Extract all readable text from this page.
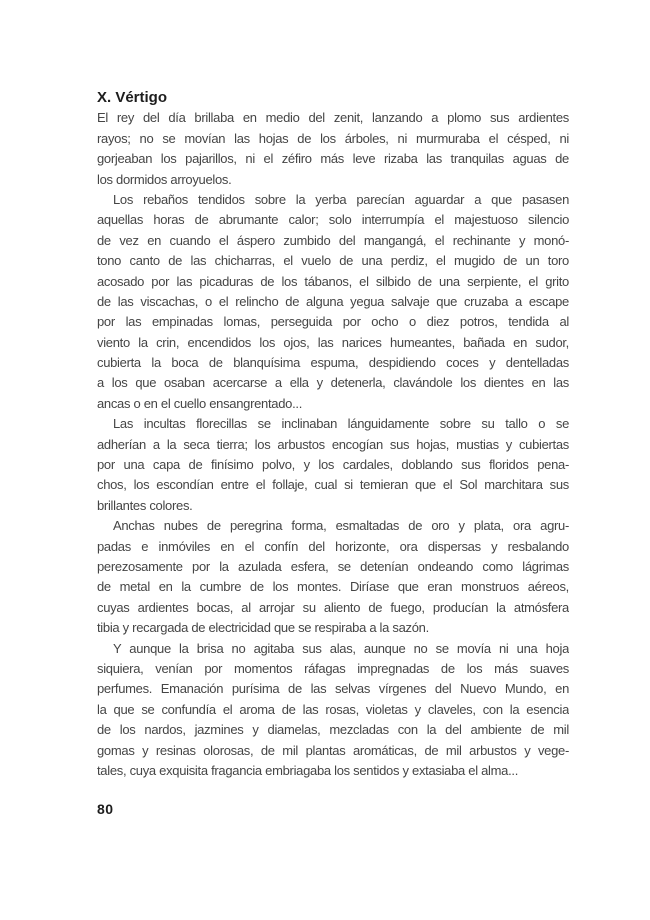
X. Vértigo
El rey del día brillaba en medio del zenit, lanzando a plomo sus ardientes
rayos; no se movían las hojas de los árboles, ni murmuraba el césped, ni
gorjeaban los pajarillos, ni el zéfiro más leve rizaba las tranquilas aguas de
los dormidos arroyuelos.
Los rebaños tendidos sobre la yerba parecían aguardar a que pasasen
aquellas horas de abrumante calor; solo interrumpía el majestuoso silencio
de vez en cuando el áspero zumbido del mangangá, el rechinante y monó-
tono canto de las chicharras, el vuelo de una perdiz, el mugido de un toro
acosado por las picaduras de los tábanos, el silbido de una serpiente, el grito
de las viscachas, o el relincho de alguna yegua salvaje que cruzaba a escape
por las empinadas lomas, perseguida por ocho o diez potros, tendida al
viento la crin, encendidos los ojos, las narices humeantes, bañada en sudor,
cubierta la boca de blanquísima espuma, despidiendo coces y dentelladas
a los que osaban acercarse a ella y detenerla, clavándole los dientes en las
ancas o en el cuello ensangrentado...
Las incultas florecillas se inclinaban lánguidamente sobre su tallo o se
adherían a la seca tierra; los arbustos encogían sus hojas, mustias y cubiertas
por una capa de finísimo polvo, y los cardales, doblando sus floridos pena-
chos, los escondían entre el follaje, cual si temieran que el Sol marchitara sus
brillantes colores.
Anchas nubes de peregrina forma, esmaltadas de oro y plata, ora agru-
padas e inmóviles en el confín del horizonte, ora dispersas y resbalando
perezosamente por la azulada esfera, se detenían ondeando como lágrimas
de metal en la cumbre de los montes. Diríase que eran monstruos aéreos,
cuyas ardientes bocas, al arrojar su aliento de fuego, producían la atmósfera
tibia y recargada de electricidad que se respiraba a la sazón.
Y aunque la brisa no agitaba sus alas, aunque no se movía ni una hoja
siquiera, venían por momentos ráfagas impregnadas de los más suaves
perfumes. Emanación purísima de las selvas vírgenes del Nuevo Mundo, en
la que se confundía el aroma de las rosas, violetas y claveles, con la esencia
de los nardos, jazmines y diamelas, mezcladas con la del ambiente de mil
gomas y resinas olorosas, de mil plantas aromáticas, de mil arbustos y vege-
tales, cuya exquisita fragancia embriagaba los sentidos y extasiaba el alma...
80
